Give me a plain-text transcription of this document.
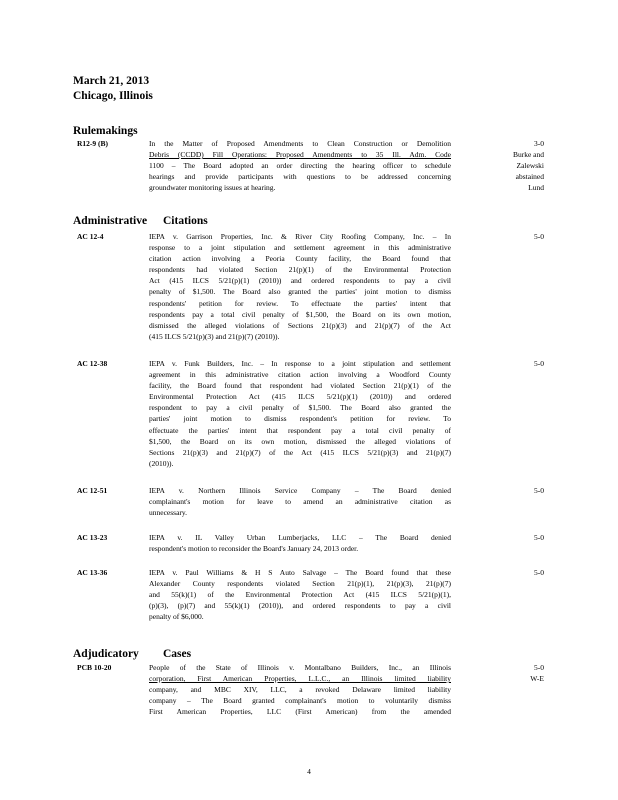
March 21, 2013
Chicago, Illinois
Rulemakings
R12-9 (B)	In the Matter of Proposed Amendments to Clean Construction or Demolition
Debris (CCDD) Fill Operations: Proposed Amendments to 35 Ill. Adm. Code
1100 – The Board adopted an order directing the hearing officer to schedule
hearings and provide participants with questions to be addressed concerning
groundwater monitoring issues at hearing.
3-0
Burke and
Zalewski
abstained
Lund
Administrative Citations
AC 12-4	IEPA v. Garrison Properties, Inc. & River City Roofing Company, Inc. – In
response to a joint stipulation and settlement agreement in this administrative
citation action involving a Peoria County facility, the Board found that
respondents had violated Section 21(p)(1) of the Environmental Protection
Act (415 ILCS 5/21(p)(1) (2010)) and ordered respondents to pay a civil
penalty of $1,500. The Board also granted the parties' joint motion to dismiss
respondents' petition for review. To effectuate the parties' intent that
respondents pay a total civil penalty of $1,500, the Board on its own motion,
dismissed the alleged violations of Sections 21(p)(3) and 21(p)(7) of the Act
(415 ILCS 5/21(p)(3) and 21(p)(7) (2010)).
5-0
AC 12-38	IEPA v. Funk Builders, Inc. – In response to a joint stipulation and settlement
agreement in this administrative citation action involving a Woodford County
facility, the Board found that respondent had violated Section 21(p)(1) of the
Environmental Protection Act (415 ILCS 5/21(p)(1) (2010)) and ordered
respondent to pay a civil penalty of $1,500. The Board also granted the
parties' joint motion to dismiss respondent's petition for review. To
effectuate the parties' intent that respondent pay a total civil penalty of
$1,500, the Board on its own motion, dismissed the alleged violations of
Sections 21(p)(3) and 21(p)(7) of the Act (415 ILCS 5/21(p)(3) and 21(p)(7)
(2010)).
5-0
AC 12-51	IEPA v. Northern Illinois Service Company – The Board denied
complainant's motion for leave to amend an administrative citation as
unnecessary.
5-0
AC 13-23	IEPA v. IL Valley Urban Lumberjacks, LLC – The Board denied
respondent's motion to reconsider the Board's January 24, 2013 order.
5-0
AC 13-36	IEPA v. Paul Williams & H S Auto Salvage – The Board found that these
Alexander County respondents violated Section 21(p)(1), 21(p)(3), 21(p)(7)
and 55(k)(1) of the Environmental Protection Act (415 ILCS 5/21(p)(1),
(p)(3), (p)(7) and 55(k)(1) (2010)), and ordered respondents to pay a civil
penalty of $6,000.
5-0
Adjudicatory Cases
PCB 10-20	People of the State of Illinois v. Montalbano Builders, Inc., an Illinois
corporation, First American Properties, L.L.C., an Illinois limited liability
company, and MBC XIV, LLC, a revoked Delaware limited liability
company – The Board granted complainant's motion to voluntarily dismiss
First American Properties, LLC (First American) from the amended
5-0
W-E
4
